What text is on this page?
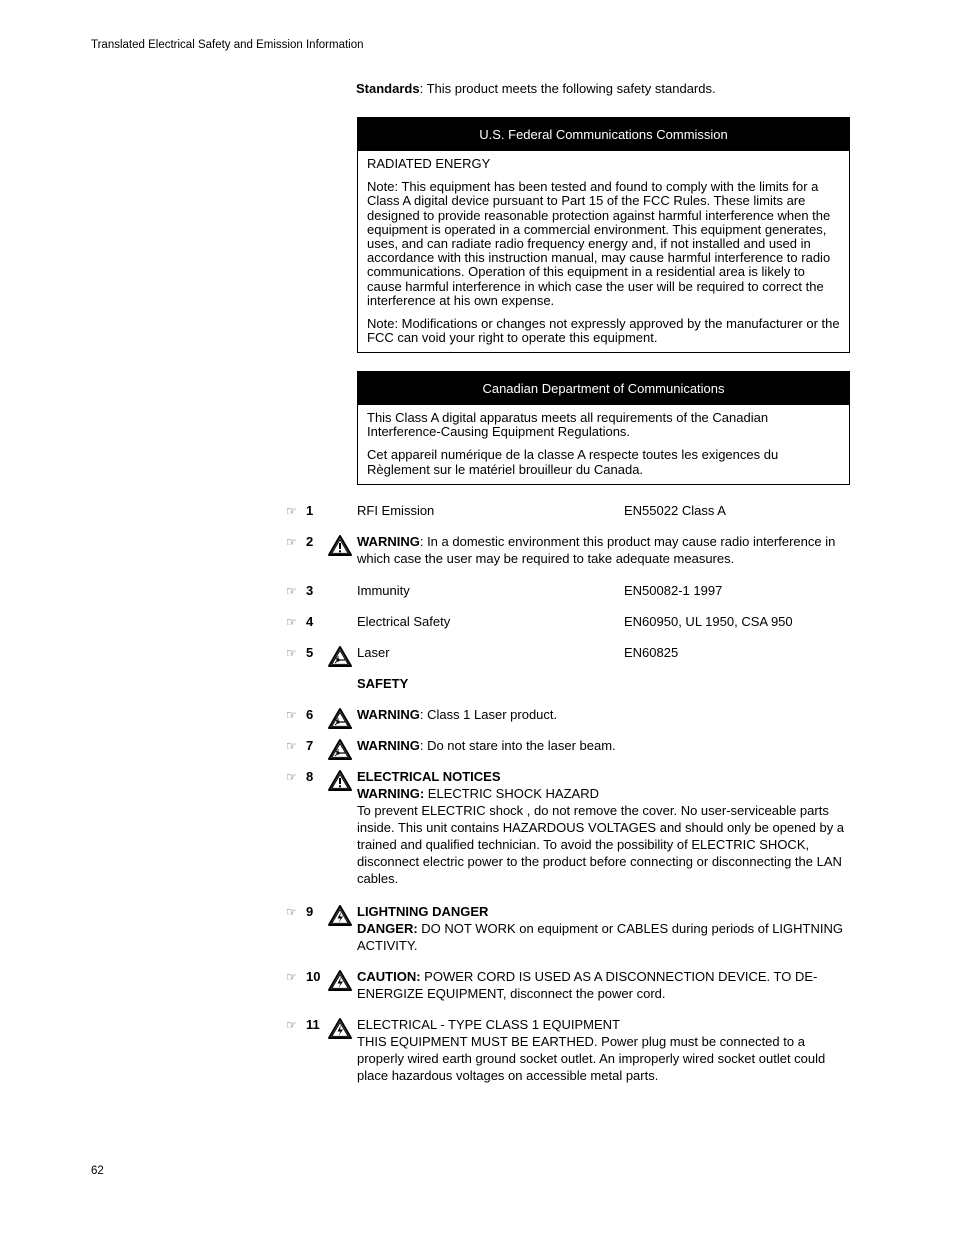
Translated Electrical Safety and Emission Information
Standards: This product meets the following safety standards.
U.S. Federal Communications Commission

RADIATED ENERGY

Note: This equipment has been tested and found to comply with the limits for a Class A digital device pursuant to Part 15 of the FCC Rules. These limits are designed to provide reasonable protection against harmful interference when the equipment is operated in a commercial environment. This equipment generates, uses, and can radiate radio frequency energy and, if not installed and used in accordance with this instruction manual, may cause harmful interference to radio communications. Operation of this equipment in a residential area is likely to cause harmful interference in which case the user will be required to correct the interference at his own expense.

Note: Modifications or changes not expressly approved by the manufacturer or the FCC can void your right to operate this equipment.

Canadian Department of Communications

This Class A digital apparatus meets all requirements of the Canadian Interference-Causing Equipment Regulations.

Cet appareil numérique de la classe A respecte toutes les exigences du Règlement sur le matériel brouilleur du Canada.

☞ 1	RFI Emission	EN55022 Class A
☞ 2	WARNING: In a domestic environment this product may cause radio interference in which case the user may be required to take adequate measures.
☞ 3	Immunity	EN50082-1 1997
☞ 4	Electrical Safety	EN60950, UL 1950, CSA 950
☞ 5	Laser	EN60825
SAFETY
☞ 6	WARNING: Class 1 Laser product.
☞ 7	WARNING: Do not stare into the laser beam.
☞ 8	ELECTRICAL NOTICES
WARNING: ELECTRIC SHOCK HAZARD
To prevent ELECTRIC shock , do not remove the cover. No user-serviceable parts inside. This unit contains HAZARDOUS VOLTAGES and should only be opened by a trained and qualified technician. To avoid the possibility of ELECTRIC SHOCK, disconnect electric power to the product before connecting or disconnecting the LAN cables.
☞ 9	LIGHTNING DANGER
DANGER: DO NOT WORK on equipment or CABLES during periods of LIGHTNING ACTIVITY.
☞ 10	CAUTION: POWER CORD IS USED AS A DISCONNECTION DEVICE. TO DE-ENERGIZE EQUIPMENT, disconnect the power cord.
☞ 11	ELECTRICAL - TYPE CLASS 1 EQUIPMENT
THIS EQUIPMENT MUST BE EARTHED. Power plug must be connected to a properly wired earth ground socket outlet. An improperly wired socket outlet could place hazardous voltages on accessible metal parts.
62
